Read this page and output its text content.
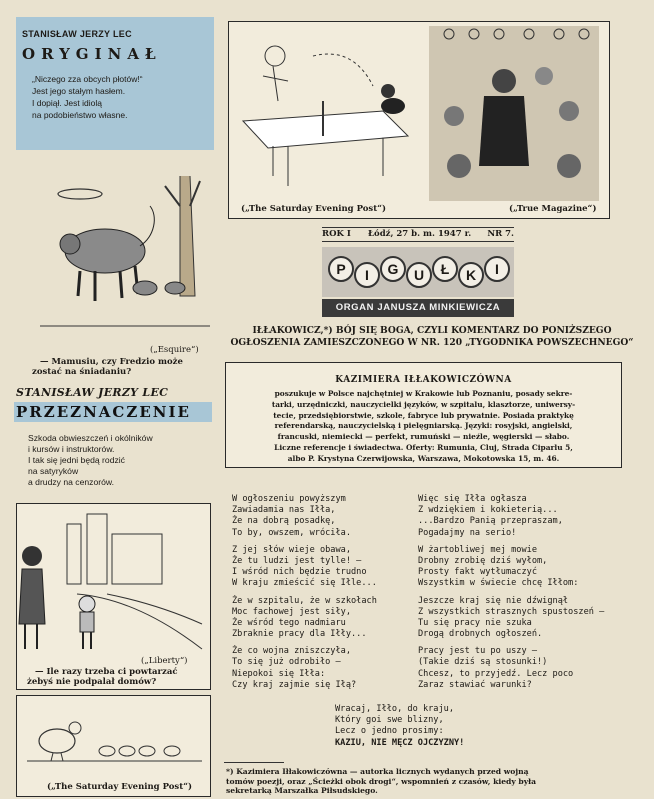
STANISŁAW JERZY LEC
ORYGINAŁ
„Niczego zza obcych płotów!“
Jest jego stałym hasłem.
I dopiął. Jest idiolą
na podobieństwo własne.
(„Esquire“)
— Mamusiu, czy Fredzio może
zostać na śniadaniu?
STANISŁAW JERZY LEC
PRZEZNACZENIE
Szkoda obwieszczeń i okólników
i kursów i instruktorów.
I tak się jedni będą rodzić
na satyryków
a drudzy na cenzorów.
(„Liberty“)
— Ile razy trzeba ci powtarzać
żebyś nie podpalał domów?
(„The Saturday Evening Post“)
(„The Saturday Evening Post“)	(„True Magazine“)
ROK I Łódź, 27 b. m. 1947 r. NR 7.
P	I	G	U	Ł	K	I
ORGAN JANUSZA MINKIEWICZA
IŁŁAKOWICZ,*) BÓJ SIĘ BOGA, CZYLI KOMENTARZ DO PONIŻSZEGO
OGŁOSZENIA ZAMIESZCZONEGO W NR. 120 „TYGODNIKA POWSZECHNEGO“
KAZIMIERA IŁŁAKOWICZÓWNA
poszukuje w Polsce najchętniej w Krakowie lub Poznaniu, posady sekre-
tarki, urzędniczki, nauczycielki języków, w szpitalu, klasztorze, uniwersy-
tecie, przedsiębiorstwie, szkole, fabryce lub prywatnie. Posiada praktykę
referendarską, nauczycielską i pielęgniarską. Języki: rosyjski, angielski,
francuski, niemiecki — perfekt, rumuński — nieźle, węgierski — słabo.
Liczne referencje i świadectwa. Oferty: Rumunia, Cluj, Strada Ciparlu 5,
albo P. Krystyna Czerwijowska, Warszawa, Mokotowska 15, m. 46.
W ogłoszeniu powyższym
Zawiadamia nas Iłła,
Że na dobrą posadkę,
To by, owszem, wróciła.
Z jej słów wieje obawa,
Że tu ludzi jest tylle! —
I wśród nich będzie trudno
W kraju zmieścić się Iłle...
Że w szpitalu, że w szkołach
Moc fachowej jest siły,
Że wśród tego nadmiaru
Zbraknie pracy dla Iłły...
Że co wojna zniszczyła,
To się już odrobiło —
Niepokoi się Iłła:
Czy kraj zajmie się Iłą?
Więc się Iłła ogłasza
Z wdziękiem i kokieterią...
...Bardzo Panią przepraszam,
Pogadajmy na serio!
W żartobliwej mej mowie
Drobny zrobię dziś wyłom,
Prosty fakt wytłumaczyć
Wszystkim w świecie chcę Iłłom:
Jeszcze kraj się nie dźwignął
Z wszystkich strasznych spustoszeń —
Tu się pracy nie szuka
Drogą drobnych ogłoszeń.
Pracy jest tu po uszy —
(Takie dziś są stosunki!)
Chcesz, to przyjedź. Lecz poco
Zaraz stawiać warunki?
Wracaj, Iłło, do kraju,
Który goi swe blizny,
Lecz o jedno prosimy:
KAZIU, NIE MĘCZ OJCZYZNY!
*) Kazimiera Iłłakowiczówna — autorka licznych wydanych przed wojną
tomów poezji, oraz „Ścieżki obok drogi“, wspomnień z czasów, kiedy była
sekretarką Marszałka Piłsudskiego.
